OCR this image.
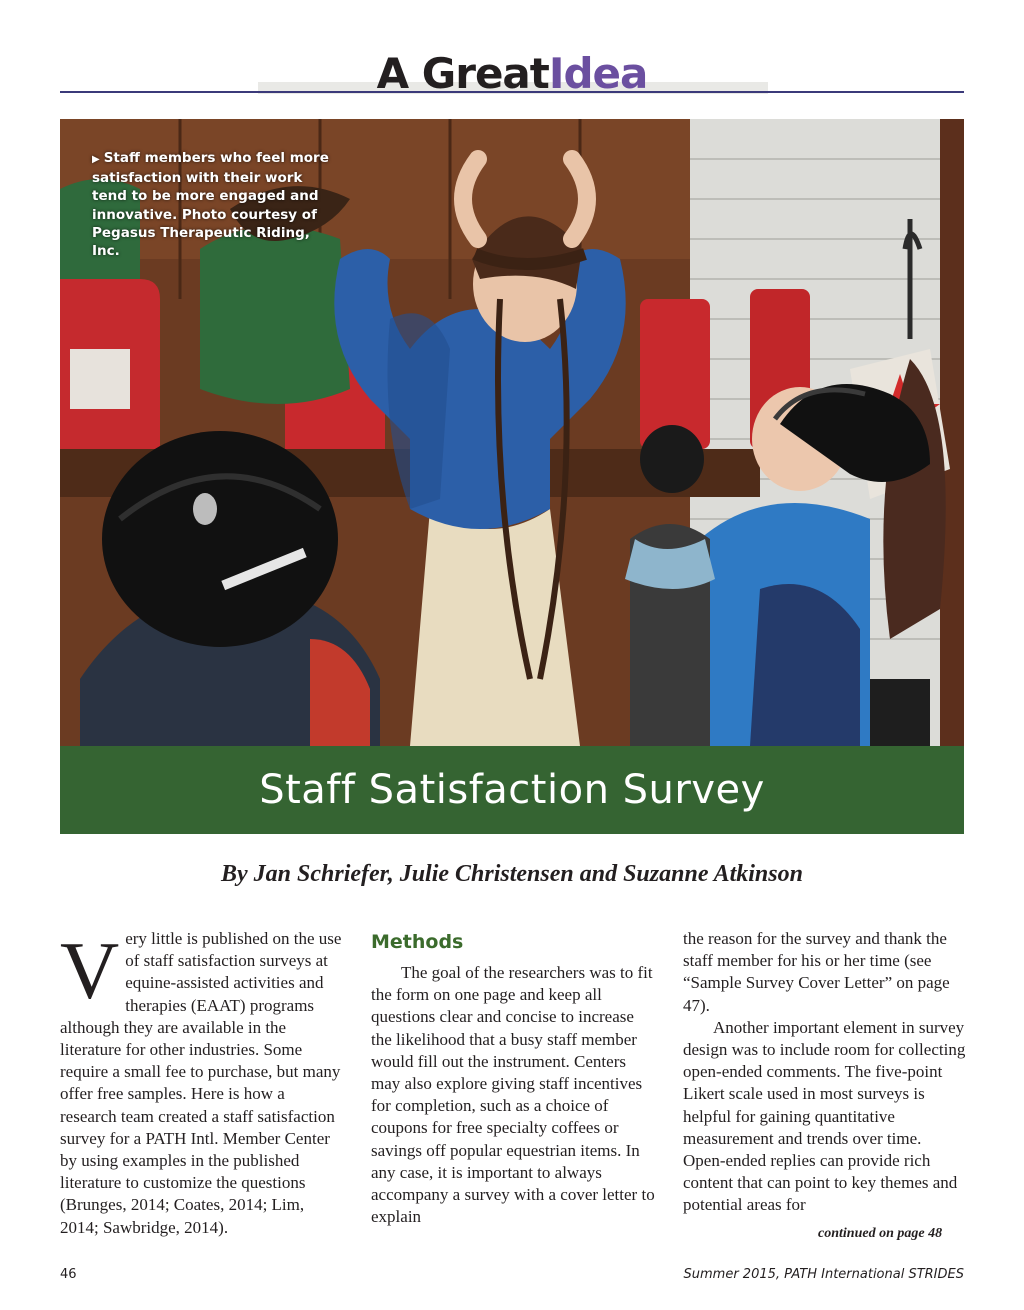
A GreatIdea
▶ Staff members who feel more satisfaction with their work tend to be more engaged and innovative. Photo courtesy of Pegasus Therapeutic Riding, Inc.
Staff Satisfaction Survey
By Jan Schriefer, Julie Christensen and Suzanne Atkinson

Very little is published on the use of staff satisfaction surveys at equine-assisted activities and therapies (EAAT) programs although they are available in the literature for other industries. Some require a small fee to purchase, but many offer free samples. Here is how a research team created a staff satisfaction survey for a PATH Intl. Member Center by using examples in the published literature to customize the questions (Brunges, 2014; Coates, 2014; Lim, 2014; Sawbridge, 2014).

Methods

The goal of the researchers was to fit the form on one page and keep all questions clear and concise to increase the likelihood that a busy staff member would fill out the instrument. Centers may also explore giving staff incentives for completion, such as a choice of coupons for free specialty coffees or savings off popular equestrian items. In any case, it is important to always accompany a survey with a cover letter to explain

the reason for the survey and thank the staff member for his or her time (see “Sample Survey Cover Letter” on page 47).

Another important element in survey design was to include room for collecting open-ended comments. The five-point Likert scale used in most surveys is helpful for gaining quantitative measurement and trends over time. Open-ended replies can provide rich content that can point to key themes and potential areas for

continued on page 48
46	Summer 2015, PATH International STRIDES
